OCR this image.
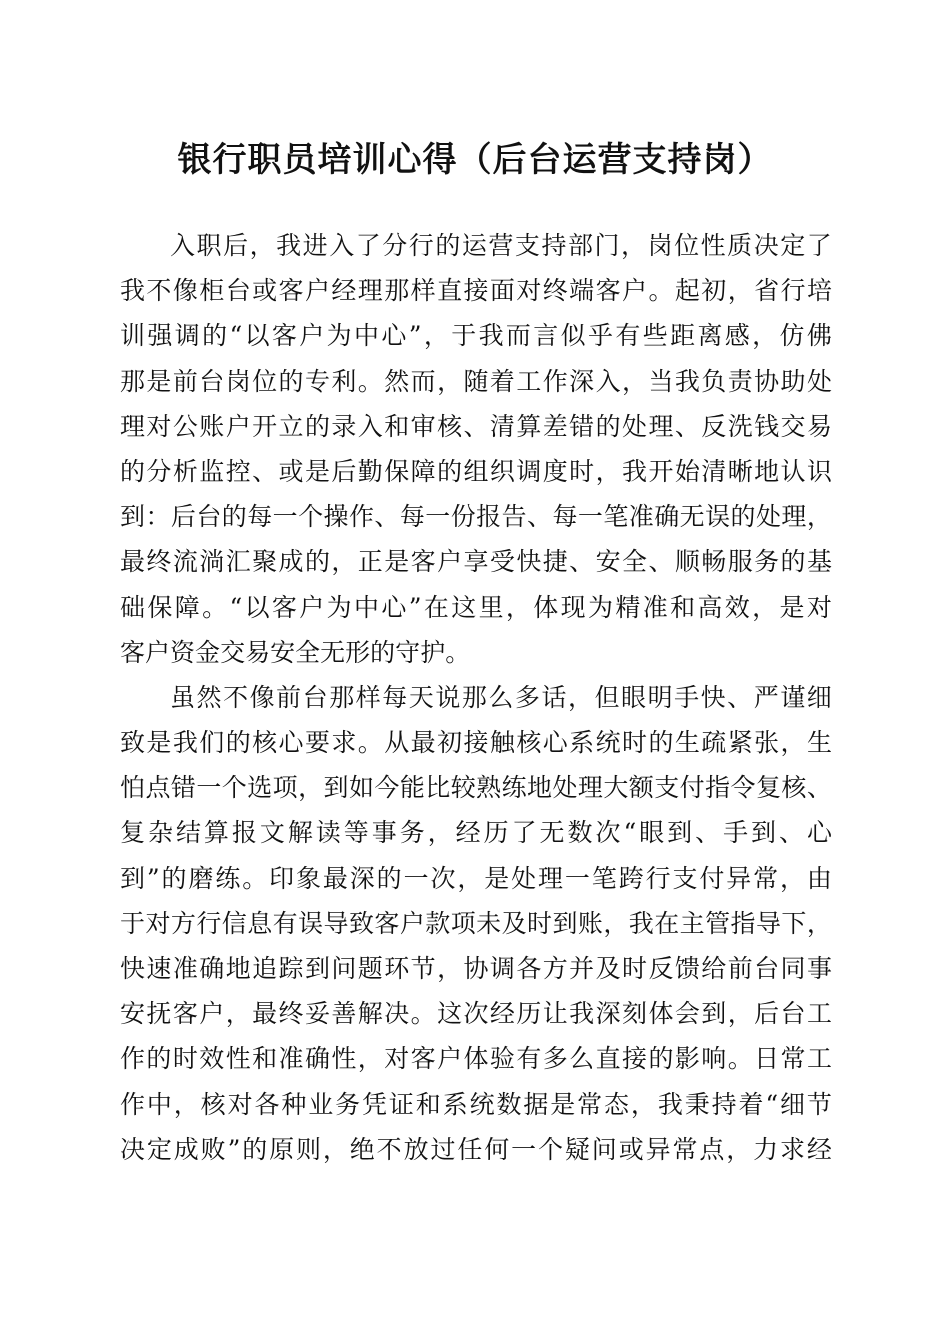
银行职员培训心得（后台运营支持岗）
入 职 后 ， 我 进 入 了 分 行 的 运 营 支 持 部 门 ， 岗 位 性 质 决 定 了
我 不 像 柜 台 或 客 户 经 理 那 样 直 接 面 对 终 端 客 户 。 起 初 ， 省 行 培
训 强 调 的 “ 以 客 户 为 中 心 ” ， 于 我 而 言 似 乎 有 些 距 离 感 ， 仿 佛
那 是 前 台 岗 位 的 专 利 。 然 而 ， 随 着 工 作 深 入 ， 当 我 负 责 协 助 处
理 对 公 账 户 开 立 的 录 入 和 审 核 、 清 算 差 错 的 处 理 、 反 洗 钱 交 易
的 分 析 监 控 、 或 是 后 勤 保 障 的 组 织 调 度 时 ， 我 开 始 清 晰 地 认 识
到 ： 后 台 的 每 一 个 操 作 、 每 一 份 报 告 、 每 一 笔 准 确 无 误 的 处 理 ，
最 终 流 淌 汇 聚 成 的 ， 正 是 客 户 享 受 快 捷 、 安 全 、 顺 畅 服 务 的 基
础 保 障 。 “ 以 客 户 为 中 心 ” 在 这 里 ， 体 现 为 精 准 和 高 效 ， 是 对
客 户 资 金 交 易 安 全 无 形 的 守 护 。
虽 然 不 像 前 台 那 样 每 天 说 那 么 多 话 ， 但 眼 明 手 快 、 严 谨 细
致 是 我 们 的 核 心 要 求 。 从 最 初 接 触 核 心 系 统 时 的 生 疏 紧 张 ， 生
怕 点 错 一 个 选 项 ， 到 如 今 能 比 较 熟 练 地 处 理 大 额 支 付 指 令 复 核 、
复 杂 结 算 报 文 解 读 等 事 务 ， 经 历 了 无 数 次 “ 眼 到 、 手 到 、 心
到 ” 的 磨 练 。 印 象 最 深 的 一 次 ， 是 处 理 一 笔 跨 行 支 付 异 常 ， 由
于 对 方 行 信 息 有 误 导 致 客 户 款 项 未 及 时 到 账 ， 我 在 主 管 指 导 下 ，
快 速 准 确 地 追 踪 到 问 题 环 节 ， 协 调 各 方 并 及 时 反 馈 给 前 台 同 事
安 抚 客 户 ， 最 终 妥 善 解 决 。 这 次 经 历 让 我 深 刻 体 会 到 ， 后 台 工
作 的 时 效 性 和 准 确 性 ， 对 客 户 体 验 有 多 么 直 接 的 影 响 。 日 常 工
作 中 ， 核 对 各 种 业 务 凭 证 和 系 统 数 据 是 常 态 ， 我 秉 持 着 “ 细 节
决 定 成 败 ” 的 原 则 ， 绝 不 放 过 任 何 一 个 疑 问 或 异 常 点 ， 力 求 经
